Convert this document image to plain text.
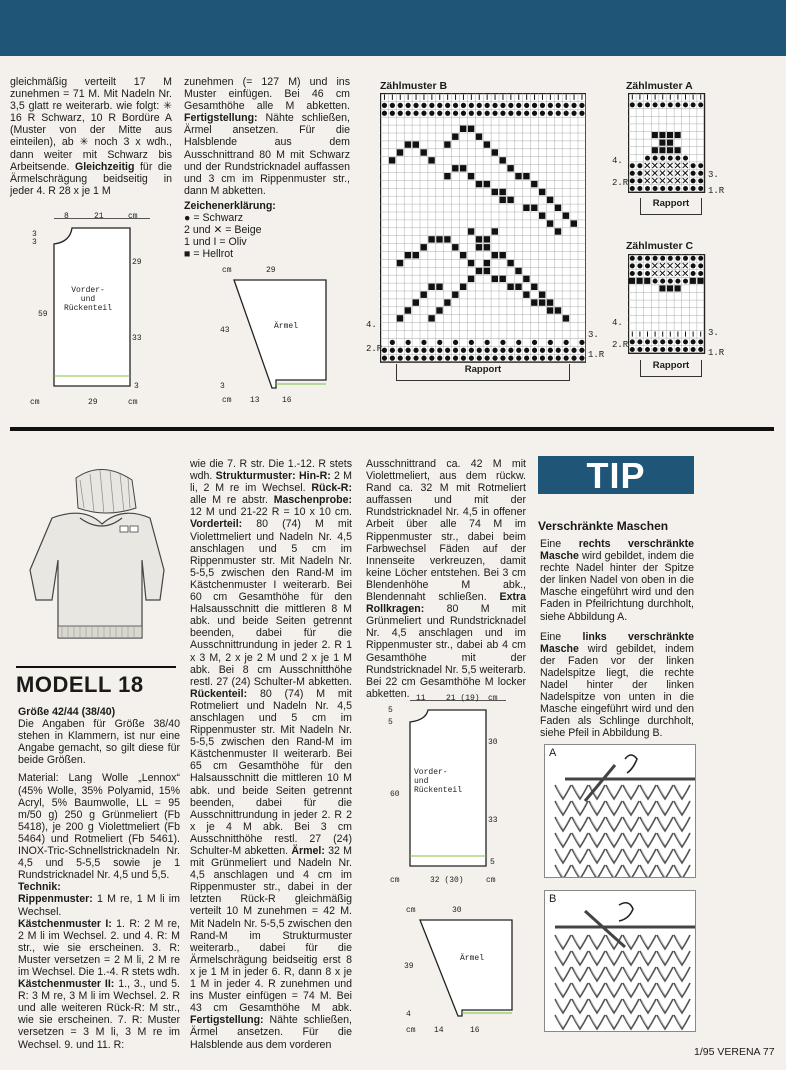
gleichmäßig verteilt 17 M zunehmen = 71 M. Mit Nadeln Nr. 3,5 glatt re weiterarb. wie folgt: ✳ 16 R Schwarz, 10 R Bordüre A (Muster von der Mitte aus einteilen), ab ✳ noch 3 x wdh., dann weiter mit Schwarz bis Arbeitsende. Gleichzeitig für die Ärmelschrägung beidseitig in jeder 4. R 28 x je 1 M

zunehmen (= 127 M) und ins Muster einfügen. Bei 46 cm Gesamthöhe alle M abketten. Fertigstellung: Nähte schließen, Ärmel ansetzen. Für die Halsblende aus dem Ausschnittrand 80 M mit Schwarz und der Rundstricknadel auffassen und 3 cm im Rippenmuster str., dann M abketten.

Zeichenerklärung:
● = Schwarz
2 und ✕ = Beige
1 und I = Oliv
■ = Hellrot
8	21	cm
3
3
29
59
33
3
Vorder-
und
Rückenteil
cm	29	cm
cm	29
43	Ärmel
3
cm 13	16
Zählmuster B
4.
2.R
3.
1.R
Rapport
Zählmuster A
4.
2.R
3.
1.R
Rapport
Zählmuster C
4.
2.R
3.
1.R
Rapport
MODELL 18

Größe 42/44 (38/40)

Die Angaben für Größe 38/40 stehen in Klammern, ist nur eine Angabe gemacht, so gilt diese für beide Größen.

Material: Lang Wolle „Lennox“ (45% Wolle, 35% Polyamid, 15% Acryl, 5% Baumwolle, LL = 95 m/50 g) 250 g Grünmeliert (Fb 5418), je 200 g Violettmeliert (Fb 5464) und Rotmeliert (Fb 5461). INOX-Tric-Schnellstricknadeln Nr. 4,5 und 5-5,5 sowie je 1 Rundstricknadel Nr. 4,5 und 5,5.

Technik:

Rippenmuster: 1 M re, 1 M li im Wechsel.

Kästchenmuster I: 1. R: 2 M re, 2 M li im Wechsel. 2. und 4. R: M str., wie sie erscheinen. 3. R: Muster versetzen = 2 M li, 2 M re im Wechsel. Die 1.-4. R stets wdh.

Kästchenmuster II: 1., 3., und 5. R: 3 M re, 3 M li im Wechsel. 2. R und alle weiteren Rück-R: M str., wie sie erscheinen. 7. R: Muster versetzen = 3 M li, 3 M re im Wechsel. 9. und 11. R:

wie die 7. R str. Die 1.-12. R stets wdh. Strukturmuster: Hin-R: 2 M li, 2 M re im Wechsel. Rück-R: alle M re abstr. Maschenprobe: 12 M und 21-22 R = 10 x 10 cm. Vorderteil: 80 (74) M mit Violettmeliert und Nadeln Nr. 4,5 anschlagen und 5 cm im Rippenmuster str. Mit Nadeln Nr. 5-5,5 zwischen den Rand-M im Kästchenmuster I weiterarb. Bei 60 cm Gesamthöhe für den Halsausschnitt die mittleren 8 M abk. und beide Seiten getrennt beenden, dabei für die Ausschnittrundung in jeder 2. R 1 x 3 M, 2 x je 2 M und 2 x je 1 M abk. Bei 8 cm Ausschnitthöhe restl. 27 (24) Schulter-M abketten. Rückenteil: 80 (74) M mit Rotmeliert und Nadeln Nr. 4,5 anschlagen und 5 cm im Rippenmuster str. Mit Nadeln Nr. 5-5,5 zwischen den Rand-M im Kästchenmuster II weiterarb. Bei 65 cm Gesamthöhe für den Halsausschnitt die mittleren 10 M abk. und beide Seiten getrennt beenden, dabei für die Ausschnittrundung in jeder 2. R 2 x je 4 M abk. Bei 3 cm Ausschnitthöhe restl. 27 (24) Schulter-M abketten. Ärmel: 32 M mit Grünmeliert und Nadeln Nr. 4,5 anschlagen und 4 cm im Rippenmuster str., dabei in der letzten Rück-R gleichmäßig verteilt 10 M zunehmen = 42 M. Mit Nadeln Nr. 5-5,5 zwischen den Rand-M im Strukturmuster weiterarb., dabei für die Ärmelschrägung beidseitig erst 8 x je 1 M in jeder 6. R, dann 8 x je 1 M in jeder 4. R zunehmen und ins Muster einfügen = 74 M. Bei 43 cm Gesamthöhe M abk. Fertigstellung: Nähte schließen, Ärmel ansetzen. Für die Halsblende aus dem vorderen

Ausschnittrand ca. 42 M mit Violettmeliert, aus dem rückw. Rand ca. 32 M mit Rotmeliert auffassen und mit der Rundstricknadel Nr. 4,5 in offener Arbeit über alle 74 M im Rippenmuster str., dabei beim Farbwechsel Fäden auf der Innenseite verkreuzen, damit keine Löcher entstehen. Bei 3 cm Blendenhöhe M abk., Blendennaht schließen. Extra Rollkragen: 80 M mit Grünmeliert und Rundstricknadel Nr. 4,5 anschlagen und im Rippenmuster str., dabei ab 4 cm Gesamthöhe mit der Rundstricknadel Nr. 5,5 weiterarb. Bei 22 cm Gesamthöhe M locker abketten. 11	21 (19) cm
5
5
30
60
33
5
Vorder-
und
Rückenteil
cm	32 (30)	cm
cm	30
39
Ärmel
4
cm 14	16
TIP
Verschränkte Maschen

Eine rechts verschränkte Masche wird gebildet, indem die rechte Nadel hinter der Spitze der linken Nadel von oben in die Masche eingeführt wird und den Faden in Pfeilrichtung durchholt, siehe Abbildung A.

Eine links verschränkte Masche wird gebildet, indem der Faden vor der linken Nadelspitze liegt, die rechte Nadel hinter der linken Nadelspitze von unten in die Masche eingeführt wird und den Faden als Schlinge durchholt, siehe Pfeil in Abbildung B.

A
B
1/95 VERENA 77
